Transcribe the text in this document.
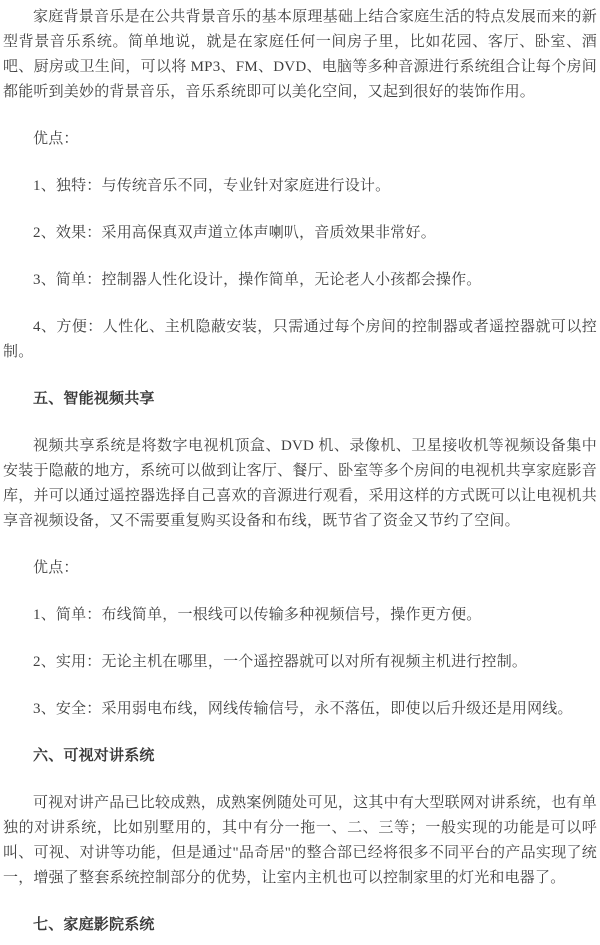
家庭背景音乐是在公共背景音乐的基本原理基础上结合家庭生活的特点发展而来的新型背景音乐系统。简单地说，就是在家庭任何一间房子里，比如花园、客厅、卧室、酒吧、厨房或卫生间，可以将 MP3、FM、DVD、电脑等多种音源进行系统组合让每个房间都能听到美妙的背景音乐，音乐系统即可以美化空间，又起到很好的装饰作用。

优点：

1、独特：与传统音乐不同，专业针对家庭进行设计。

2、效果：采用高保真双声道立体声喇叭，音质效果非常好。

3、简单：控制器人性化设计，操作简单，无论老人小孩都会操作。

4、方便：人性化、主机隐蔽安装，只需通过每个房间的控制器或者遥控器就可以控制。

五、智能视频共享

视频共享系统是将数字电视机顶盒、DVD 机、录像机、卫星接收机等视频设备集中安装于隐蔽的地方，系统可以做到让客厅、餐厅、卧室等多个房间的电视机共享家庭影音库，并可以通过遥控器选择自己喜欢的音源进行观看，采用这样的方式既可以让电视机共享音视频设备，又不需要重复购买设备和布线，既节省了资金又节约了空间。

优点：

1、简单：布线简单，一根线可以传输多种视频信号，操作更方便。

2、实用：无论主机在哪里，一个遥控器就可以对所有视频主机进行控制。

3、安全：采用弱电布线，网线传输信号，永不落伍，即使以后升级还是用网线。

六、可视对讲系统

可视对讲产品已比较成熟，成熟案例随处可见，这其中有大型联网对讲系统，也有单独的对讲系统，比如别墅用的，其中有分一拖一、二、三等；一般实现的功能是可以呼叫、可视、对讲等功能，但是通过"品奇居"的整合部已经将很多不同平台的产品实现了统一，增强了整套系统控制部分的优势，让室内主机也可以控制家里的灯光和电器了。

七、家庭影院系统
